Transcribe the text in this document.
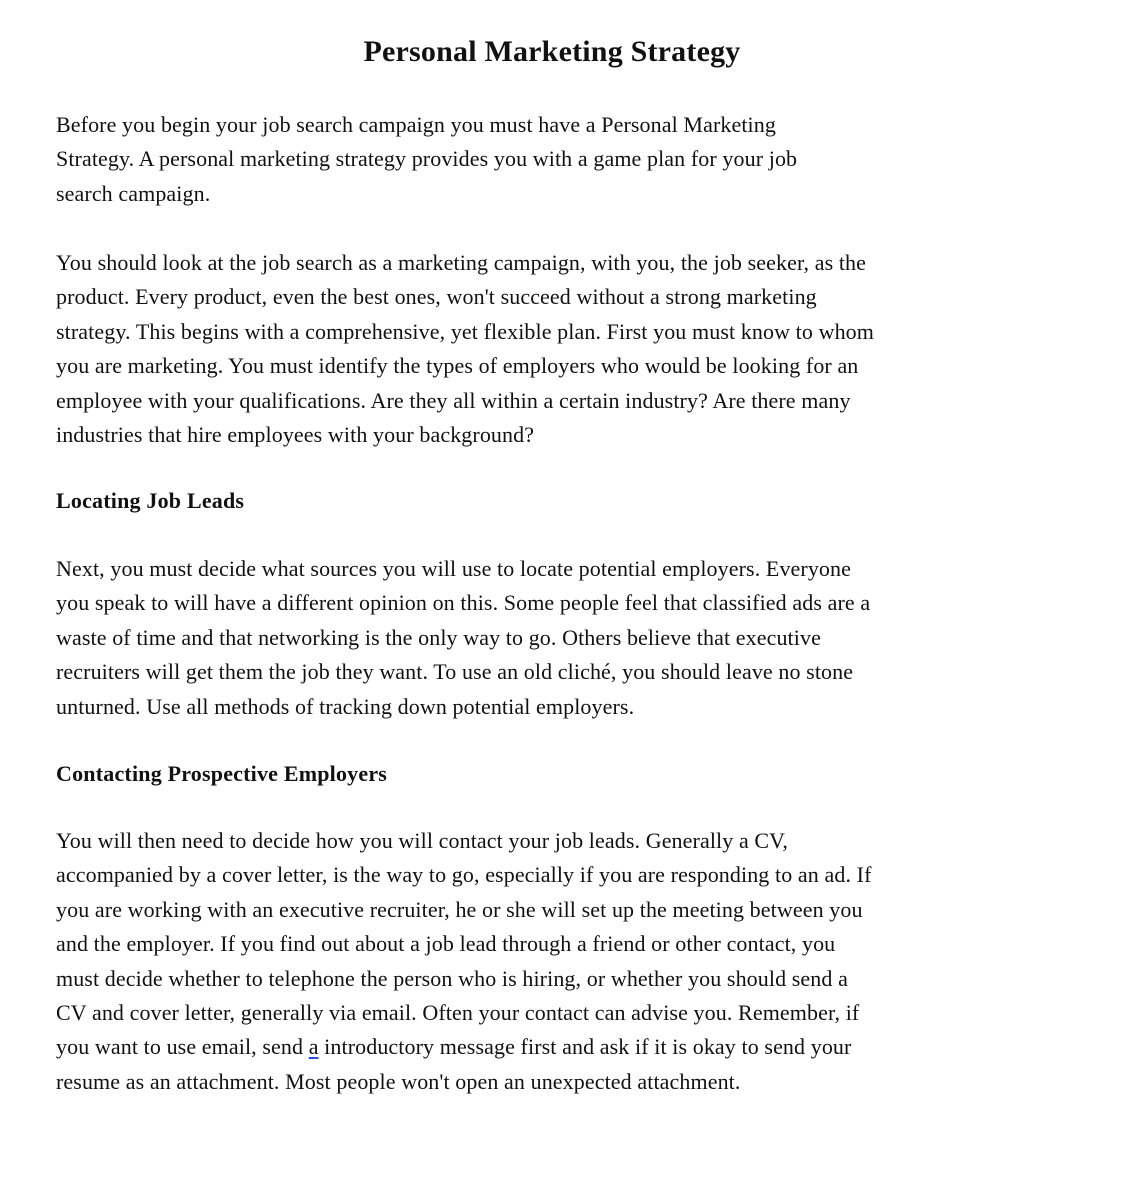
Personal Marketing Strategy

Before you begin your job search campaign you must have a Personal Marketing
Strategy. A personal marketing strategy provides you with a game plan for your job
search campaign.

You should look at the job search as a marketing campaign, with you, the job seeker, as the
product. Every product, even the best ones, won't succeed without a strong marketing
strategy. This begins with a comprehensive, yet flexible plan. First you must know to whom
you are marketing. You must identify the types of employers who would be looking for an
employee with your qualifications. Are they all within a certain industry? Are there many
industries that hire employees with your background?

Locating Job Leads

Next, you must decide what sources you will use to locate potential employers. Everyone
you speak to will have a different opinion on this. Some people feel that classified ads are a
waste of time and that networking is the only way to go. Others believe that executive
recruiters will get them the job they want. To use an old cliché, you should leave no stone
unturned. Use all methods of tracking down potential employers.

Contacting Prospective Employers

You will then need to decide how you will contact your job leads. Generally a CV,
accompanied by a cover letter, is the way to go, especially if you are responding to an ad. If
you are working with an executive recruiter, he or she will set up the meeting between you
and the employer. If you find out about a job lead through a friend or other contact, you
must decide whether to telephone the person who is hiring, or whether you should send a
CV and cover letter, generally via email. Often your contact can advise you. Remember, if
you want to use email, send a introductory message first and ask if it is okay to send your
resume as an attachment. Most people won't open an unexpected attachment.
